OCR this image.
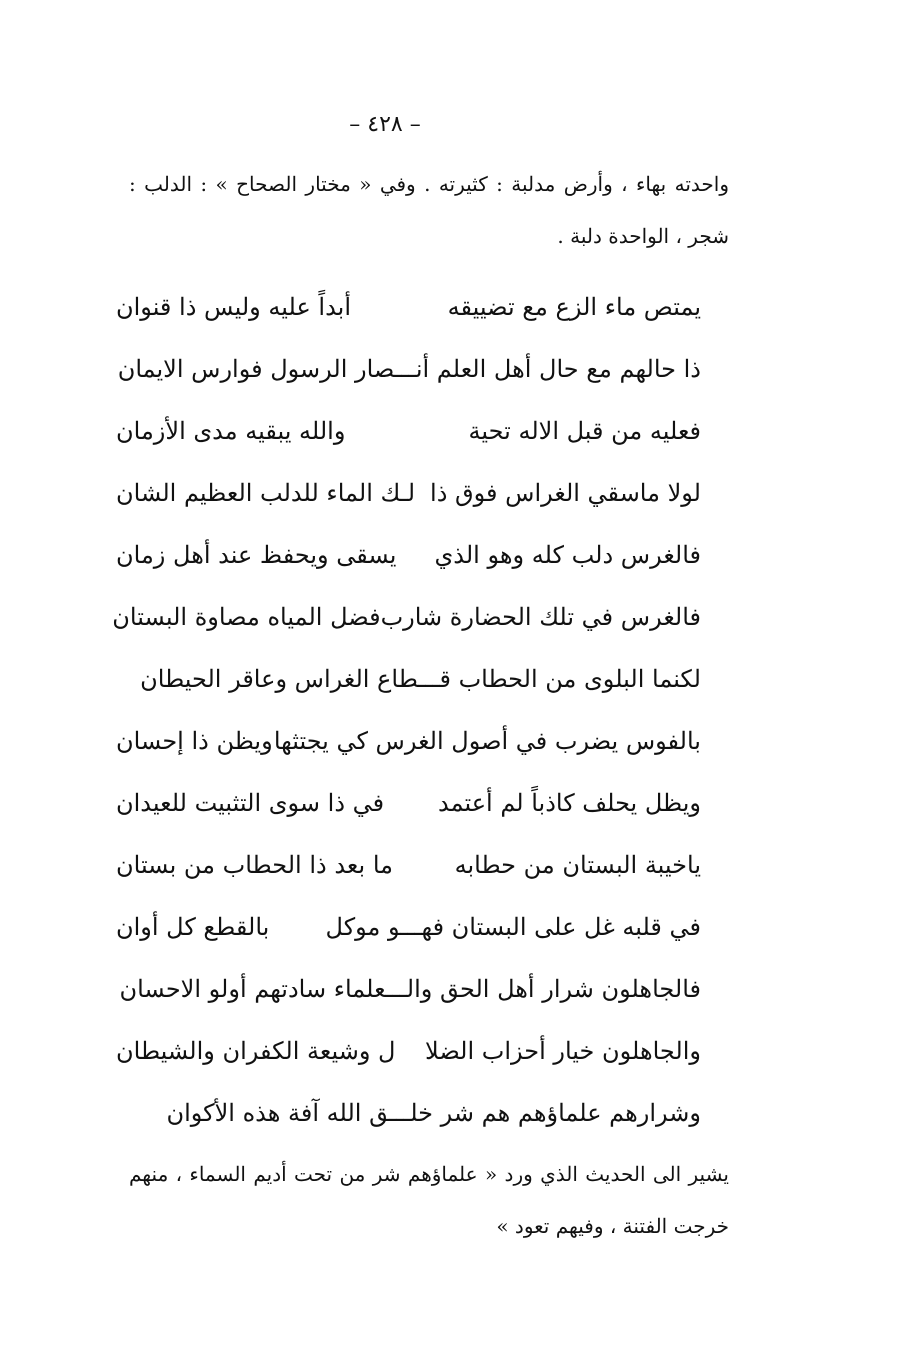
– ٤٢٨ –
واحدته بهاء ، وأرض مدلبة : كثيرته . وفي « مختار الصحاح » : الدلب : شجر ، الواحدة دلبة .
يمتص ماء الزع مع تضييقه
أبداً عليه وليس ذا قنوان
ذا حالهم مع حال أهل العلم أنـــصار الرسول فوارس الايمان
فعليه من قبل الاله تحية
والله يبقيه مدى الأزمان
لولا ماسقي الغراس فوق ذا
لـك الماء للدلب العظيم الشان
فالغرس دلب كله وهو الذي
يسقى ويحفظ عند أهل زمان
فالغرس في تلك الحضارة شارب
فضل المياه مصاوة البستان
لكنما البلوى من الحطاب قـــطاع الغراس وعاقر الحيطان
بالفوس يضرب في أصول الغرس كي يجتثها
ويظن ذا إحسان
ويظل يحلف كاذباً لم أعتمد
في ذا سوى التثبيت للعيدان
ياخيبة البستان من حطابه
ما بعد ذا الحطاب من بستان
في قلبه غل على البستان فهـــو موكل
بالقطع كل أوان
فالجاهلون شرار أهل الحق والـــعلماء سادتهم أولو الاحسان
والجاهلون خيار أحزاب الضلا
ل وشيعة الكفران والشيطان
وشرارهم علماؤهم هم شر خلـــق الله آفة هذه الأكوان
يشير الى الحديث الذي ورد « علماؤهم شر من تحت أديم السماء ، منهم خرجت الفتنة ، وفيهم تعود »
